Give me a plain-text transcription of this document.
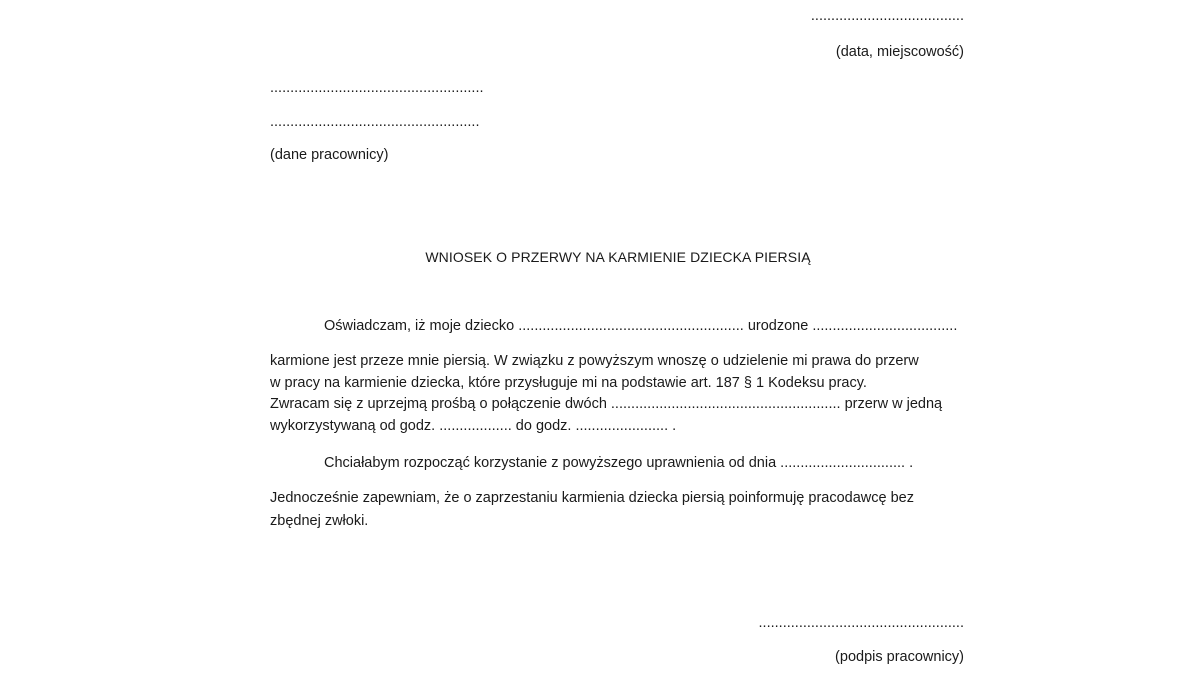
......................................
(data, miejscowość)
.....................................................
....................................................
(dane pracownicy)
WNIOSEK O PRZERWY NA KARMIENIE DZIECKA PIERSIĄ
Oświadczam, iż moje dziecko ........................................................ urodzone ....................................
karmione jest przeze mnie piersią. W związku z powyższym wnoszę o udzielenie mi prawa do przerw
w pracy na karmienie dziecka, które przysługuje mi na podstawie art. 187 § 1 Kodeksu pracy.
Zwracam się z uprzejmą prośbą o połączenie dwóch ......................................................... przerw w jedną
wykorzystywaną od godz. .................. do godz. ....................... .
Chciałabym rozpocząć korzystanie z powyższego uprawnienia od dnia ............................... .
Jednocześnie zapewniam, że o zaprzestaniu karmienia dziecka piersią poinformuję pracodawcę bez
zbędnej zwłoki.
...................................................
(podpis pracownicy)
